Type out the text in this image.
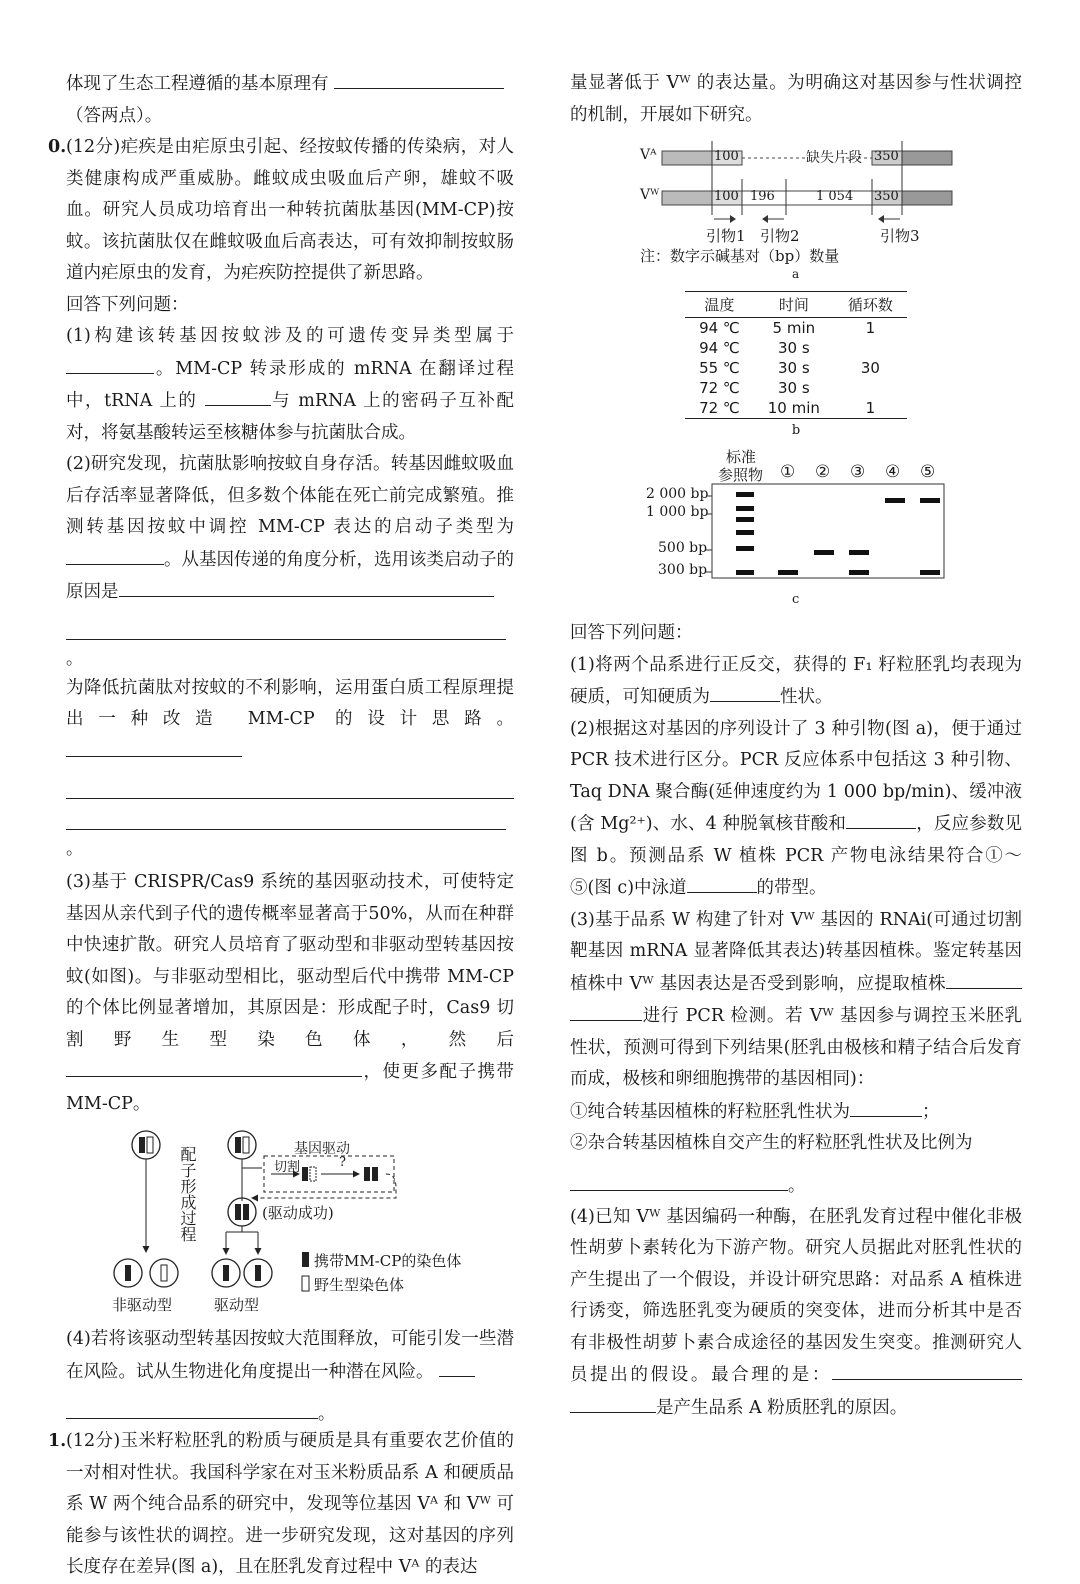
体现了生态工程遵循的基本原理有

（答两点）。

0. (12分)疟疾是由疟原虫引起、经按蚊传播的传染病，对人类健康构成严重威胁。雌蚊成虫吸血后产卵，雄蚊不吸血。研究人员成功培育出一种转抗菌肽基因(MM-CP)按蚊。该抗菌肽仅在雌蚊吸血后高表达，可有效抑制按蚊肠道内疟原虫的发育，为疟疾防控提供了新思路。

回答下列问题：

(1)构建该转基因按蚊涉及的可遗传变异类型属于 。MM-CP 转录形成的 mRNA 在翻译过程中，tRNA 上的	与 mRNA 上的密码子互补配对，将氨基酸转运至核糖体参与抗菌肽合成。

(2)研究发现，抗菌肽影响按蚊自身存活。转基因雌蚊吸血后存活率显著降低，但多数个体能在死亡前完成繁殖。推测转基因按蚊中调控 MM-CP 表达的启动子类型为 。从基因传递的角度分析，选用该类启动子的原因是

。

为降低抗菌肽对按蚊的不利影响，运用蛋白质工程原理提出一种改造 MM-CP 的设计思路。

。

(3)基于 CRISPR/Cas9 系统的基因驱动技术，可使特定基因从亲代到子代的遗传概率显著高于50%，从而在种群中快速扩散。研究人员培育了驱动型和非驱动型转基因按蚊(如图)。与非驱动型相比，驱动型后代中携带 MM-CP 的个体比例显著增加，其原因是：形成配子时，Cas9 切割野生型染色体，然后 ，使更多配子携带 MM-CP。

配子形成过程	基因驱动
切割	?
(驱动成功)
非驱动型	驱动型
携带MM-CP的染色体
野生型染色体

(4)若将该驱动型转基因按蚊大范围释放，可能引发一些潜在风险。试从生物进化角度提出一种潜在风险。

。

1. (12分)玉米籽粒胚乳的粉质与硬质是具有重要农艺价值的一对相对性状。我国科学家在对玉米粉质品系 A 和硬质品系 W 两个纯合品系的研究中，发现等位基因 Vᴬ 和 Vᵂ 可能参与该性状的调控。进一步研究发现，这对基因的序列长度存在差异(图 a)，且在胚乳发育过程中 Vᴬ 的表达

量显著低于 Vᵂ 的表达量。为明确这对基因参与性状调控的机制，开展如下研究。

Vᴬ
Vᵂ
100	缺失片段 350
100 196	1 054 350
引物1 引物2	引物3
注：数字示碱基对（bp）数量
a
温度	时间	循环数
94 ℃	5 min	1
94 ℃	30 s	
55 ℃	30 s	30
72 ℃	30 s	
72 ℃	10 min	1
b
标准
参照物 ① ② ③ ④ ⑤
2 000 bp
1 000 bp
500 bp
300 bp
c

回答下列问题：

(1)将两个品系进行正反交，获得的 F₁ 籽粒胚乳均表现为硬质，可知硬质为	性状。

(2)根据这对基因的序列设计了 3 种引物(图 a)，便于通过 PCR 技术进行区分。PCR 反应体系中包括这 3 种引物、Taq DNA 聚合酶(延伸速度约为 1 000 bp/min)、缓冲液(含 Mg²⁺)、水、4 种脱氧核苷酸和	，反应参数见图 b。预测品系 W 植株 PCR 产物电泳结果符合①～⑤(图 c)中泳道	的带型。

(3)基于品系 W 构建了针对 Vᵂ 基因的 RNAi(可通过切割靶基因 mRNA 显著降低其表达)转基因植株。鉴定转基因植株中 Vᵂ 基因表达是否受到影响，应提取植株进行 PCR 检测。若 Vᵂ 基因参与调控玉米胚乳性状，预测可得到下列结果(胚乳由极核和精子结合后发育而成，极核和卵细胞携带的基因相同)：

①纯合转基因植株的籽粒胚乳性状为	；

②杂合转基因植株自交产生的籽粒胚乳性状及比例为

。

(4)已知 Vᵂ 基因编码一种酶，在胚乳发育过程中催化非极性胡萝卜素转化为下游产物。研究人员据此对胚乳性状的产生提出了一个假设，并设计研究思路：对品系 A 植株进行诱变，筛选胚乳变为硬质的突变体，进而分析其中是否有非极性胡萝卜素合成途径的基因发生突变。推测研究人员提出的假设。最合理的是：是产生品系 A 粉质胚乳的原因。
